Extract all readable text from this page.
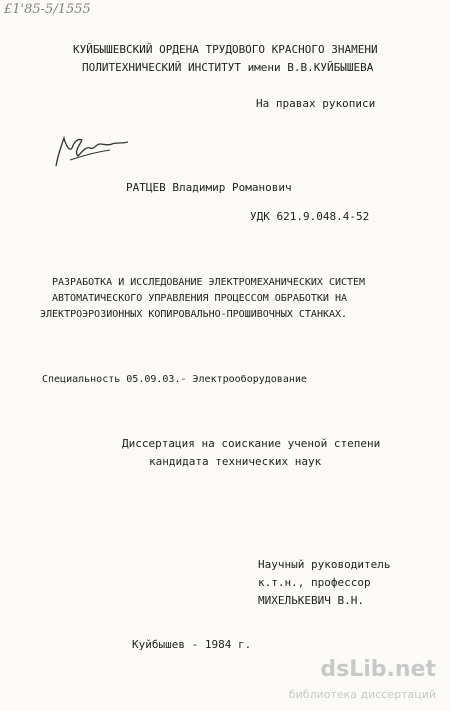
£1'85-5/1555
КУЙБЫШЕВСКИЙ ОРДЕНА ТРУДОВОГО КРАСНОГО ЗНАМЕНИ
ПОЛИТЕХНИЧЕСКИЙ ИНСТИТУТ имени В.В.КУЙБЫШЕВА
На правах рукописи
РАТЦЕВ Владимир Романович
УДК 621.9.048.4-52
РАЗРАБОТКА И ИССЛЕДОВАНИЕ ЭЛЕКТРОМЕХАНИЧЕСКИХ СИСТЕМ
АВТОМАТИЧЕСКОГО УПРАВЛЕНИЯ ПРОЦЕССОМ ОБРАБОТКИ НА
ЭЛЕКТРОЭРОЗИОННЫХ КОПИРОВАЛЬНО-ПРОШИВОЧНЫХ СТАНКАХ.
Специальность 05.09.03.- Электрооборудование
Диссертация на соискание ученой степени
кандидата технических наук
Научный руководитель
к.т.н., профессор
МИХЕЛЬКЕВИЧ В.Н.
Куйбышев - 1984 г.
dsLib.net
библиотека диссертаций
